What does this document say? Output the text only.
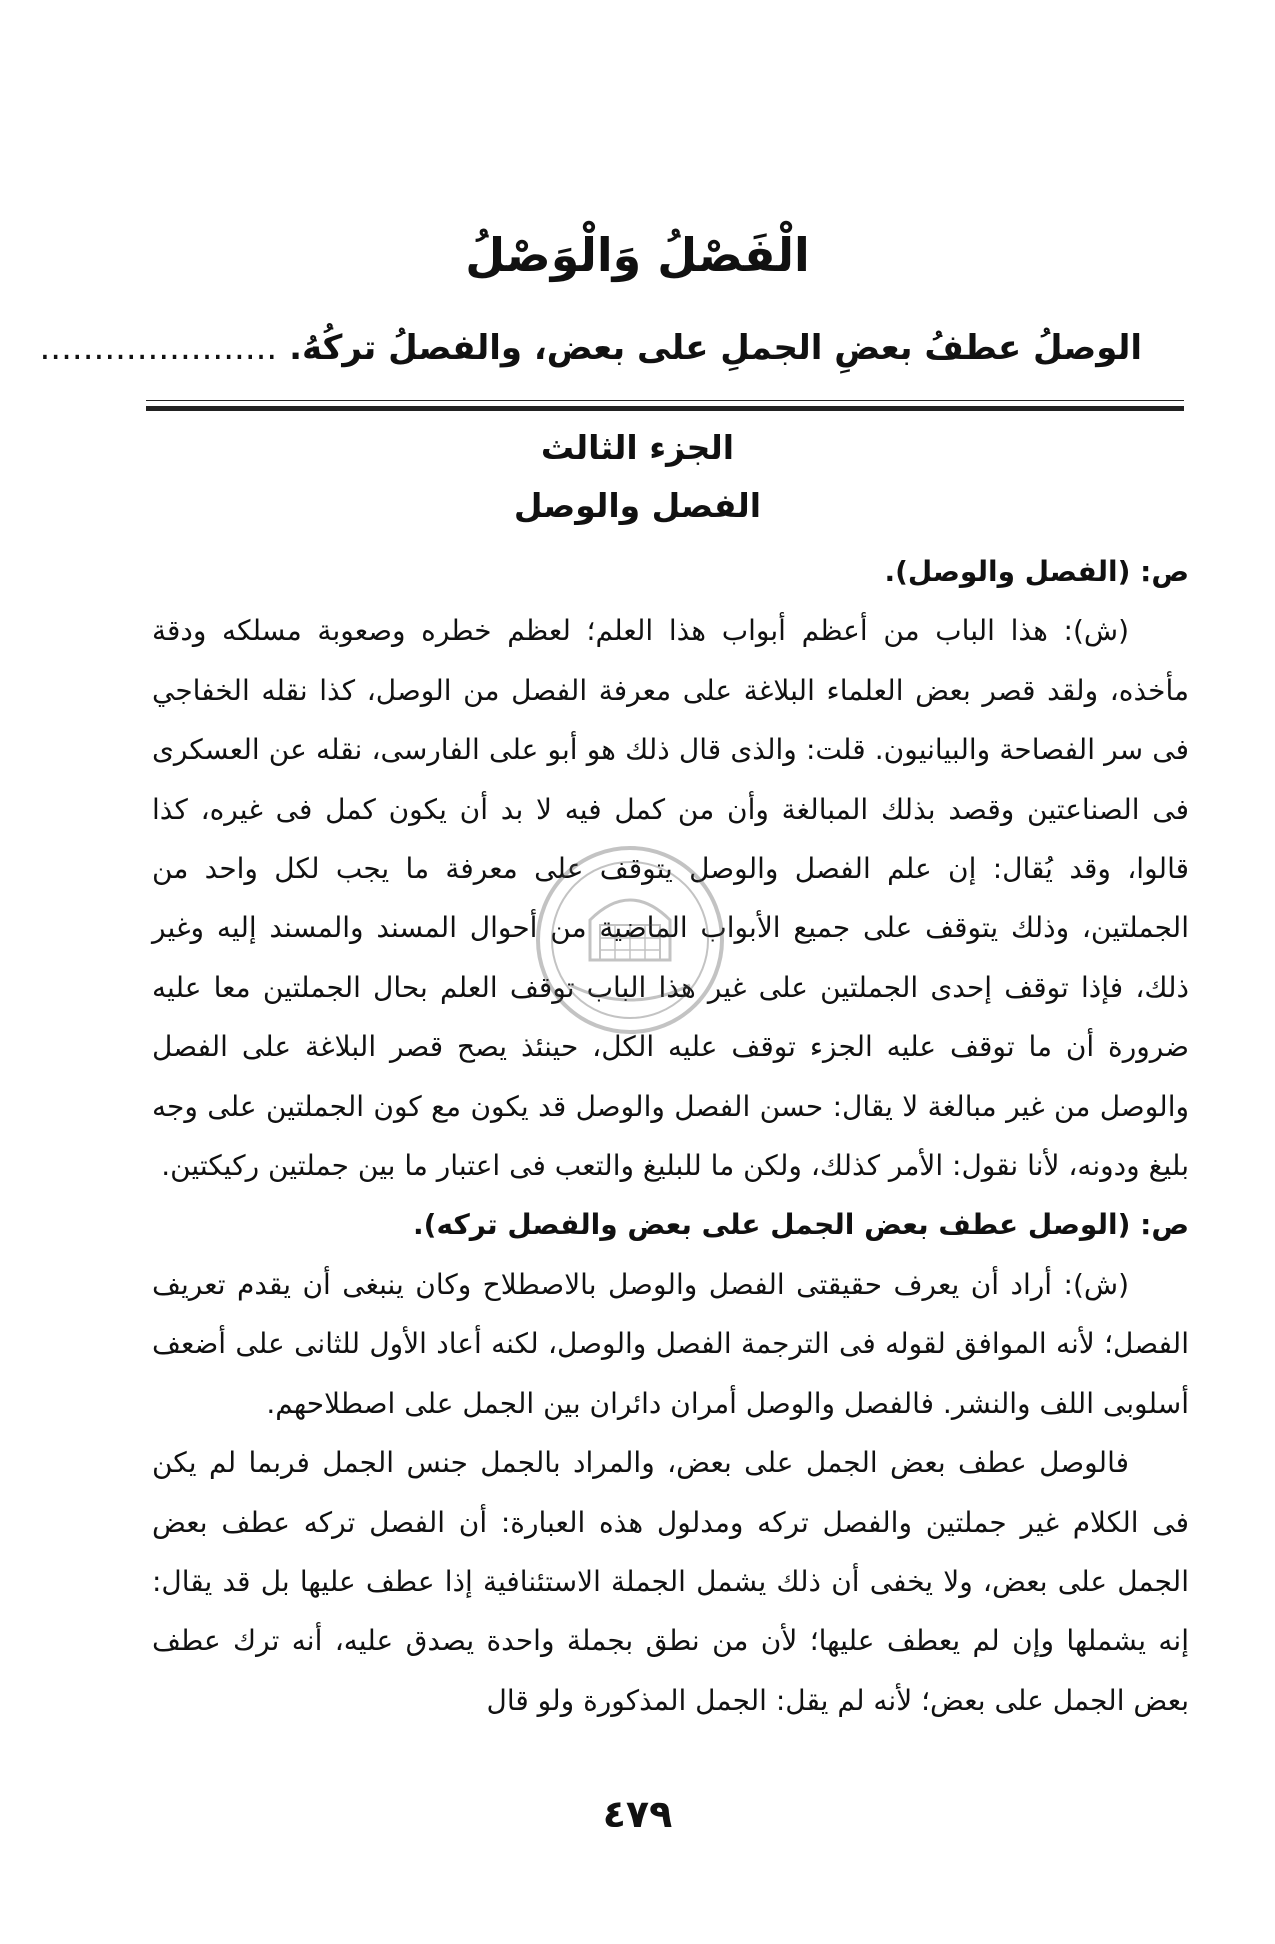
الْفَصْلُ وَالْوَصْلُ

الوصلُ عطفُ بعضِ الجملِ على بعض، والفصلُ تركُهُ. ......................

الجزء الثالث
الفصل والوصل

ص: (الفصل والوصل).

(ش): هذا الباب من أعظم أبواب هذا العلم؛ لعظم خطره وصعوبة مسلكه ودقة مأخذه، ولقد قصر بعض العلماء البلاغة على معرفة الفصل من الوصل، كذا نقله الخفاجي فى سر الفصاحة والبيانيون. قلت: والذى قال ذلك هو أبو على الفارسى، نقله عن العسكرى فى الصناعتين وقصد بذلك المبالغة وأن من كمل فيه لا بد أن يكون كمل فى غيره، كذا قالوا، وقد يُقال: إن علم الفصل والوصل يتوقف على معرفة ما يجب لكل واحد من الجملتين، وذلك يتوقف على جميع الأبواب الماضية من أحوال المسند والمسند إليه وغير ذلك، فإذا توقف إحدى الجملتين على غير هذا الباب توقف العلم بحال الجملتين معا عليه ضرورة أن ما توقف عليه الجزء توقف عليه الكل، حينئذ يصح قصر البلاغة على الفصل والوصل من غير مبالغة لا يقال: حسن الفصل والوصل قد يكون مع كون الجملتين على وجه بليغ ودونه، لأنا نقول: الأمر كذلك، ولكن ما للبليغ والتعب فى اعتبار ما بين جملتين ركيكتين.

ص: (الوصل عطف بعض الجمل على بعض والفصل تركه).

(ش): أراد أن يعرف حقيقتى الفصل والوصل بالاصطلاح وكان ينبغى أن يقدم تعريف الفصل؛ لأنه الموافق لقوله فى الترجمة الفصل والوصل، لكنه أعاد الأول للثانى على أضعف أسلوبى اللف والنشر. فالفصل والوصل أمران دائران بين الجمل على اصطلاحهم.

فالوصل عطف بعض الجمل على بعض، والمراد بالجمل جنس الجمل فربما لم يكن فى الكلام غير جملتين والفصل تركه ومدلول هذه العبارة: أن الفصل تركه عطف بعض الجمل على بعض، ولا يخفى أن ذلك يشمل الجملة الاستئنافية إذا عطف عليها بل قد يقال: إنه يشملها وإن لم يعطف عليها؛ لأن من نطق بجملة واحدة يصدق عليه، أنه ترك عطف بعض الجمل على بعض؛ لأنه لم يقل: الجمل المذكورة ولو قال

٤٧٩
